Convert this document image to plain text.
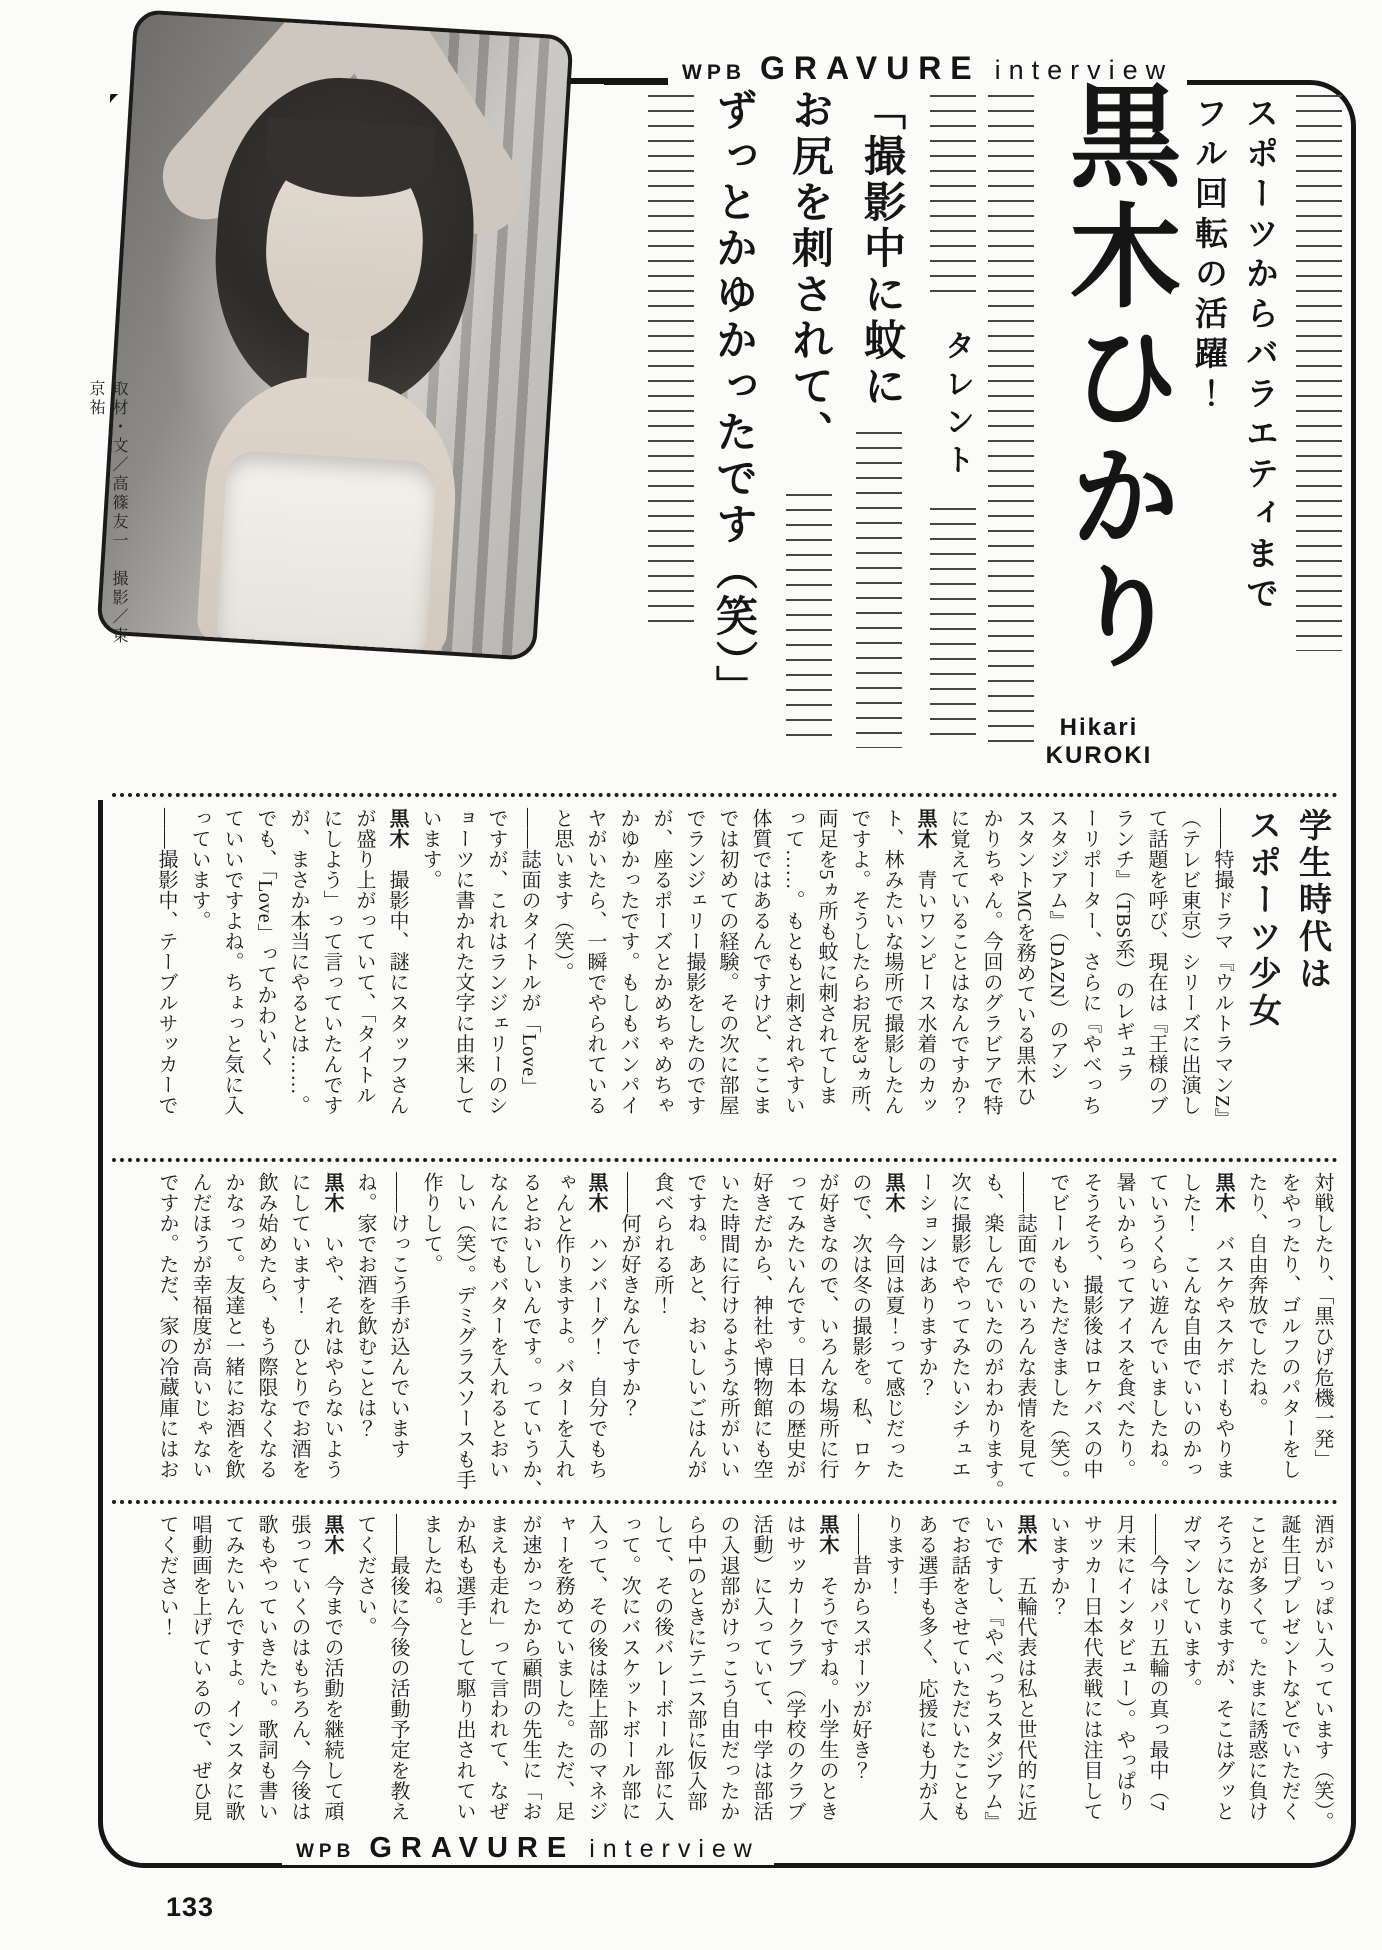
WPB GRAVURE interview
取材・文／高篠友一　撮影／東京祐	スポーツからバラエティまで
フル回転の活躍！
黒木ひかり
Hikari
KUROKI
タレント
「撮影中に蚊に
お尻を刺されて、
ずっとかゆかったです（笑）」

学生時代は

スポーツ少女

――特撮ドラマ『ウルトラマンZ』

（テレビ東京）シリーズに出演し

て話題を呼び、現在は『王様のブ

ランチ』（TBS系）のレギュラ

ーリポーター、さらに『やべっち

スタジアム』（DAZN）のアシ

スタントMCを務めている黒木ひ

かりちゃん。今回のグラビアで特

に覚えていることはなんですか？

黒木　青いワンピース水着のカッ

ト、林みたいな場所で撮影したん

ですよ。そうしたらお尻を3ヵ所、

両足を5ヵ所も蚊に刺されてしま

って……。もともと刺されやすい

体質ではあるんですけど、ここま

では初めての経験。その次に部屋

でランジェリー撮影をしたのです

が、座るポーズとかめちゃめちゃ

かゆかったです。もしもバンパイ

ヤがいたら、一瞬でやられている

と思います（笑）。

――誌面のタイトルが「Love」

ですが、これはランジェリーのシ

ョーツに書かれた文字に由来して

います。

黒木　撮影中、謎にスタッフさん

が盛り上がっていて、「タイトル

にしよう」って言っていたんです

が、まさか本当にやるとは……。

でも、「Love」ってかわいく

ていいですよね。ちょっと気に入

っています。

――撮影中、テーブルサッカーで

対戦したり、「黒ひげ危機一発」

をやったり、ゴルフのパターをし

たり、自由奔放でしたね。

黒木　バスケやスケボーもやりま

した！　こんな自由でいいのかっ

ていうくらい遊んでいましたね。

暑いからってアイスを食べたり。

そうそう、撮影後はロケバスの中

でビールもいただきました（笑）。

――誌面でのいろんな表情を見て

も、楽しんでいたのがわかります。

次に撮影でやってみたいシチュエ

ーションはありますか？

黒木　今回は夏！って感じだった

ので、次は冬の撮影を。私、ロケ

が好きなので、いろんな場所に行

ってみたいんです。日本の歴史が

好きだから、神社や博物館にも空

いた時間に行けるような所がいい

ですね。あと、おいしいごはんが

食べられる所！

――何が好きなんですか？

黒木　ハンバーグ！　自分でもち

ゃんと作りますよ。バターを入れ

るとおいしいんです。っていうか、

なんにでもバターを入れるとおい

しい（笑）。デミグラスソースも手

作りして。

――けっこう手が込んでいます

ね。家でお酒を飲むことは？

黒木　いや、それはやらないよう

にしています！　ひとりでお酒を

飲み始めたら、もう際限なくなる

かなって。友達と一緒にお酒を飲

んだほうが幸福度が高いじゃない

ですか。ただ、家の冷蔵庫にはお

酒がいっぱい入っています（笑）。

誕生日プレゼントなどでいただく

ことが多くて。たまに誘惑に負け

そうになりますが、そこはグッと

ガマンしています。

――今はパリ五輪の真っ最中（7

月末にインタビュー）。やっぱり

サッカー日本代表戦には注目して

いますか？

黒木　五輪代表は私と世代的に近

いですし、『やべっちスタジアム』

でお話をさせていただいたことも

ある選手も多く、応援にも力が入

ります！

――昔からスポーツが好き？

黒木　そうですね。小学生のとき

はサッカークラブ（学校のクラブ

活動）に入っていて、中学は部活

の入退部がけっこう自由だったか

ら中1のときにテニス部に仮入部

して、その後バレーボール部に入

って。次にバスケットボール部に

入って、その後は陸上部のマネジ

ャーを務めていました。ただ、足

が速かったから顧問の先生に「お

まえも走れ」って言われて、なぜ

か私も選手として駆り出されてい

ましたね。

――最後に今後の活動予定を教え

てください。

黒木　今までの活動を継続して頑

張っていくのはもちろん、今後は

歌もやっていきたい。歌詞も書い

てみたいんですよ。インスタに歌

唱動画を上げているので、ぜひ見

てください！

WPB GRAVURE interview
133
